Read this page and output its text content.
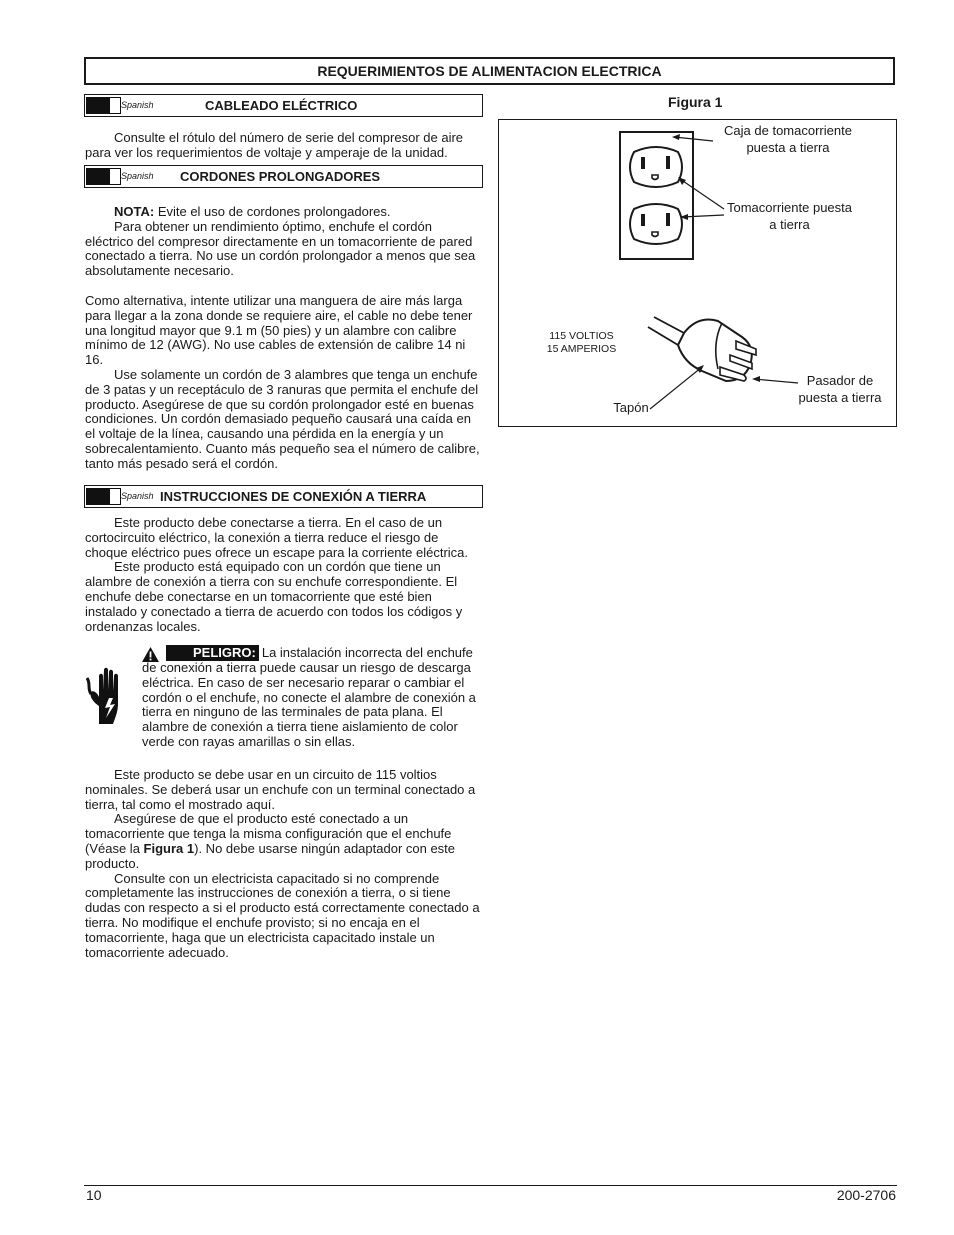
REQUERIMIENTOS DE ALIMENTACION ELECTRICA
Spanish	CABLEADO ELÉCTRICO

Consulte el rótulo del número de serie del compresor de aire para ver los requerimientos de voltaje y amperaje de la unidad.

Spanish CORDONES PROLONGADORES

NOTA: Evite el uso de cordones prolongadores.

Para obtener un rendimiento óptimo, enchufe el cordón eléctrico del compresor directamente en un tomacorriente de pared conectado a tierra. No use un cordón prolongador a menos que sea absolutamente necesario.

Como alternativa, intente utilizar una manguera de aire más larga para llegar a la zona donde se requiere aire, el cable no debe tener una longitud mayor que 9.1 m (50 pies) y un alambre con calibre mínimo de 12 (AWG). No use cables de extensión de calibre 14 ni 16.

Use solamente un cordón de 3 alambres que tenga un enchufe de 3 patas y un receptáculo de 3 ranuras que permita el enchufe del producto. Asegúrese de que su cordón prolongador esté en buenas condiciones. Un cordón demasiado pequeño causará una caída en el voltaje de la línea, causando una pérdida en la energía y un sobrecalentamiento. Cuanto más pequeño sea el número de calibre, tanto más pesado será el cordón.

Spanish INSTRUCCIONES DE CONEXIÓN A TIERRA

Este producto debe conectarse a tierra. En el caso de un cortocircuito eléctrico, la conexión a tierra reduce el riesgo de choque eléctrico pues ofrece un escape para la corriente eléctrica.

Este producto está equipado con un cordón que tiene un alambre de conexión a tierra con su enchufe correspondiente. El enchufe debe conectarse en un tomacorriente que esté bien instalado y conectado a tierra de acuerdo con todos los códigos y ordenanzas locales.

PELIGRO: La instalación incorrecta del enchufe de conexión a tierra puede causar un riesgo de descarga eléctrica. En caso de ser necesario reparar o cambiar el cordón o el enchufe, no conecte el alambre de conexión a tierra en ninguno de las terminales de pata plana. El alambre de conexión a tierra tiene aislamiento de color verde con rayas amarillas o sin ellas.

Este producto se debe usar en un circuito de 115 voltios nominales. Se deberá usar un enchufe con un terminal conectado a tierra, tal como el mostrado aquí.

Asegúrese de que el producto esté conectado a un tomacorriente que tenga la misma configuración que el enchufe (Véase la Figura 1). No debe usarse ningún adaptador con este producto.

Consulte con un electricista capacitado si no comprende completamente las instrucciones de conexión a tierra, o si tiene dudas con respecto a si el producto está correctamente conectado a tierra. No modifique el enchufe provisto; si no encaja en el tomacorriente, haga que un electricista capacitado instale un tomacorriente adecuado.

Figura 1
Caja de tomacorriente
puesta a tierra
Tomacorriente puesta
a tierra
115 VOLTIOS
15 AMPERIOS
Tapón
Pasador de
puesta a tierra
10	200-2706
